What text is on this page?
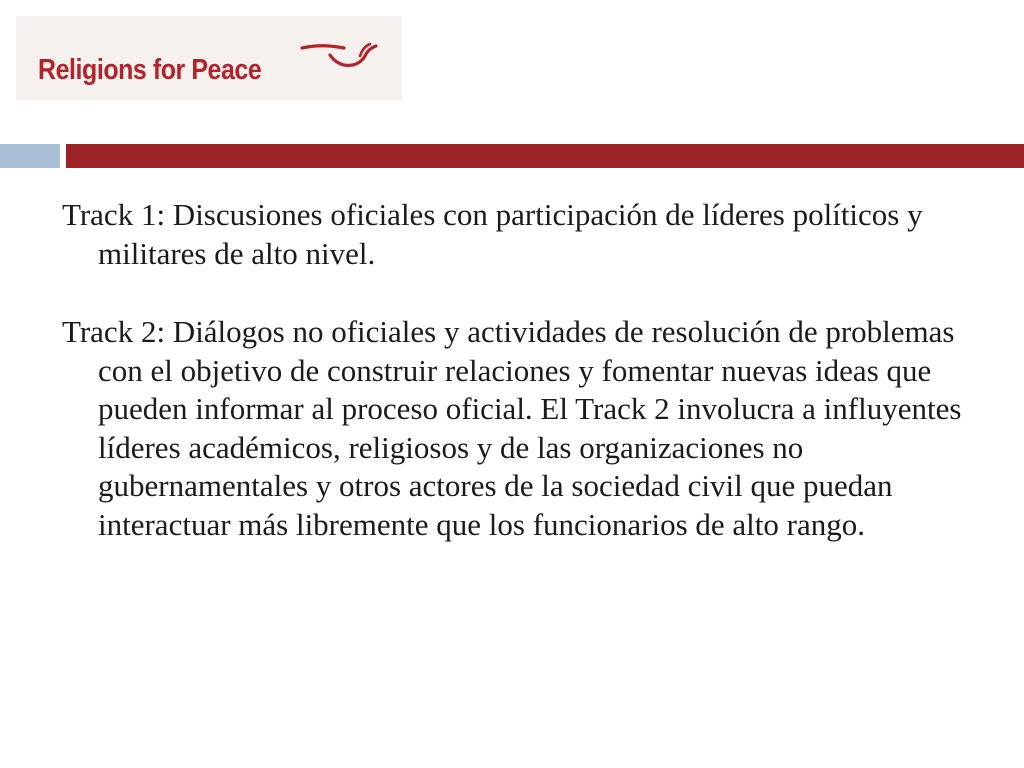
Religions for Peace

Track 1: Discusiones oficiales con participación de líderes políticos y militares de alto nivel.

Track 2: Diálogos no oficiales y actividades de resolución de problemas con el objetivo de construir relaciones y fomentar nuevas ideas que pueden informar al proceso oficial. El Track 2 involucra a influyentes líderes académicos, religiosos y de las organizaciones no gubernamentales y otros actores de la sociedad civil que puedan interactuar más libremente que los funcionarios de alto rango.
